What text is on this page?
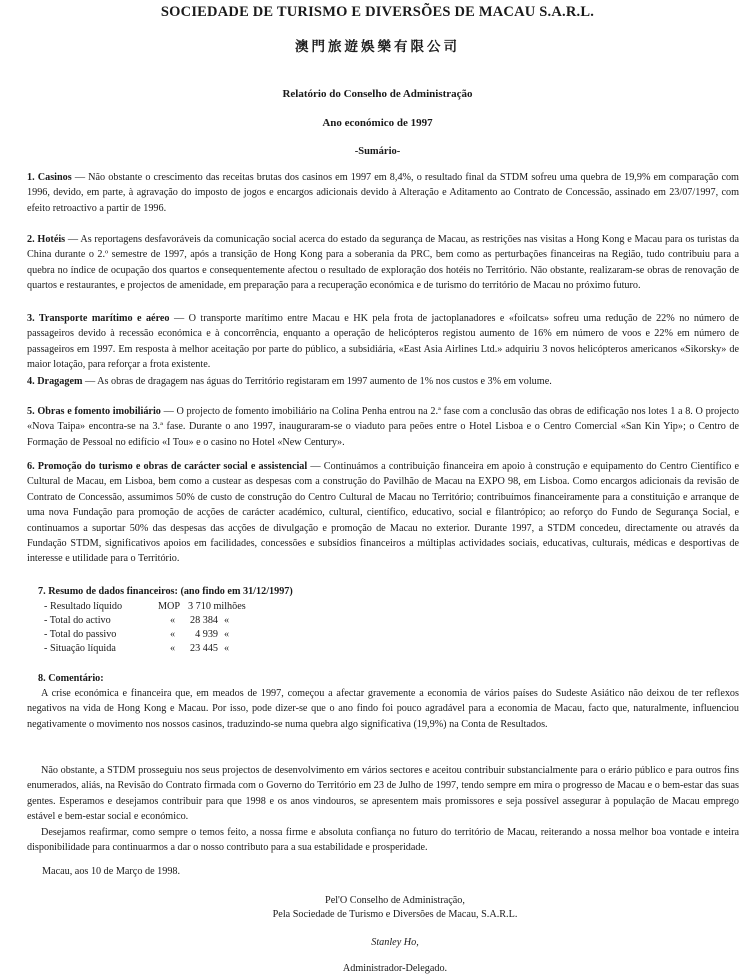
SOCIEDADE DE TURISMO E DIVERSÕES DE MACAU S.A.R.L.
澳門旅遊娛樂有限公司
Relatório do Conselho de Administração
Ano económico de 1997
-Sumário-
1. Casinos — Não obstante o crescimento das receitas brutas dos casinos em 1997 em 8,4%, o resultado final da STDM sofreu uma quebra de 19,9% em comparação com 1996, devido, em parte, à agravação do imposto de jogos e encargos adicionais devido à Alteração e Aditamento ao Contrato de Concessão, assinado em 23/07/1997, com efeito retroactivo a partir de 1996.
2. Hotéis — As reportagens desfavoráveis da comunicação social acerca do estado da segurança de Macau, as restrições nas visitas a Hong Kong e Macau para os turistas da China durante o 2.º semestre de 1997, após a transição de Hong Kong para a soberania da PRC, bem como as perturbações financeiras na Região, tudo contribuiu para a quebra no índice de ocupação dos quartos e consequentemente afectou o resultado de exploração dos hotéis no Território. Não obstante, realizaram-se obras de renovação de quartos e restaurantes, e projectos de amenidade, em preparação para a recuperação económica e de turismo do território de Macau no próximo futuro.
3. Transporte marítimo e aéreo — O transporte marítimo entre Macau e HK pela frota de jactoplanadores e «foilcats» sofreu uma redução de 22% no número de passageiros devido à recessão económica e à concorrência, enquanto a operação de helicópteros registou aumento de 16% em número de voos e 22% em número de passageiros em 1997. Em resposta à melhor aceitação por parte do público, a subsidiária, «East Asia Airlines Ltd.» adquiriu 3 novos helicópteros americanos «Sikorsky» de maior lotação, para reforçar a frota existente.
4. Dragagem — As obras de dragagem nas águas do Território registaram em 1997 aumento de 1% nos custos e 3% em volume.
5. Obras e fomento imobiliário — O projecto de fomento imobiliário na Colina Penha entrou na 2.ª fase com a conclusão das obras de edificação nos lotes 1 a 8. O projecto «Nova Taipa» encontra-se na 3.ª fase. Durante o ano 1997, inauguraram-se o viaduto para peões entre o Hotel Lisboa e o Centro Comercial «San Kin Yip»; o Centro de Formação de Pessoal no edifício «I Tou» e o casino no Hotel «New Century».
6. Promoção do turismo e obras de carácter social e assistencial — Continuámos a contribuição financeira em apoio à construção e equipamento do Centro Científico e Cultural de Macau, em Lisboa, bem como a custear as despesas com a construção do Pavilhão de Macau na EXPO 98, em Lisboa. Como encargos adicionais da revisão de Contrato de Concessão, assumimos 50% de custo de construção do Centro Cultural de Macau no Território; contribuímos financeiramente para a constituição e arranque de uma nova Fundação para promoção de acções de carácter académico, cultural, científico, educativo, social e filantrópico; ao reforço do Fundo de Segurança Social, e continuamos a suportar 50% das despesas das acções de divulgação e promoção de Macau no exterior. Durante 1997, a STDM concedeu, directamente ou através da Fundação STDM, significativos apoios em facilidades, concessões e subsídios financeiros a múltiplas actividades sociais, educativas, culturais, médicas e desportivas de interesse e utilidade para o Território.
7. Resumo de dados financeiros: (ano findo em 31/12/1997)
- Resultado líquido	MOP 3 710 milhões
- Total do activo	«	28 384 «
- Total do passivo	«	4 939 «
- Situação líquida	«	23 445 «
8. Comentário:
A crise económica e financeira que, em meados de 1997, começou a afectar gravemente a economia de vários países do Sudeste Asiático não deixou de ter reflexos negativos na vida de Hong Kong e Macau. Por isso, pode dizer-se que o ano findo foi pouco agradável para a economia de Macau, facto que, naturalmente, influenciou negativamente o movimento nos nossos casinos, traduzindo-se numa quebra algo significativa (19,9%) na Conta de Resultados.
Não obstante, a STDM prosseguiu nos seus projectos de desenvolvimento em vários sectores e aceitou contribuir substancialmente para o erário público e para outros fins enumerados, aliás, na Revisão do Contrato firmada com o Governo do Território em 23 de Julho de 1997, tendo sempre em mira o progresso de Macau e o bem-estar das suas gentes. Esperamos e desejamos contribuir para que 1998 e os anos vindouros, se apresentem mais promissores e seja possível assegurar à população de Macau emprego estável e bem-estar social e económico.
Desejamos reafirmar, como sempre o temos feito, a nossa firme e absoluta confiança no futuro do território de Macau, reiterando a nossa melhor boa vontade e inteira disponibilidade para continuarmos a dar o nosso contributo para a sua estabilidade e prosperidade.
Macau, aos 10 de Março de 1998.
Pel'O Conselho de Administração,
Pela Sociedade de Turismo e Diversões de Macau, S.A.R.L.
Stanley Ho,
Administrador-Delegado.
